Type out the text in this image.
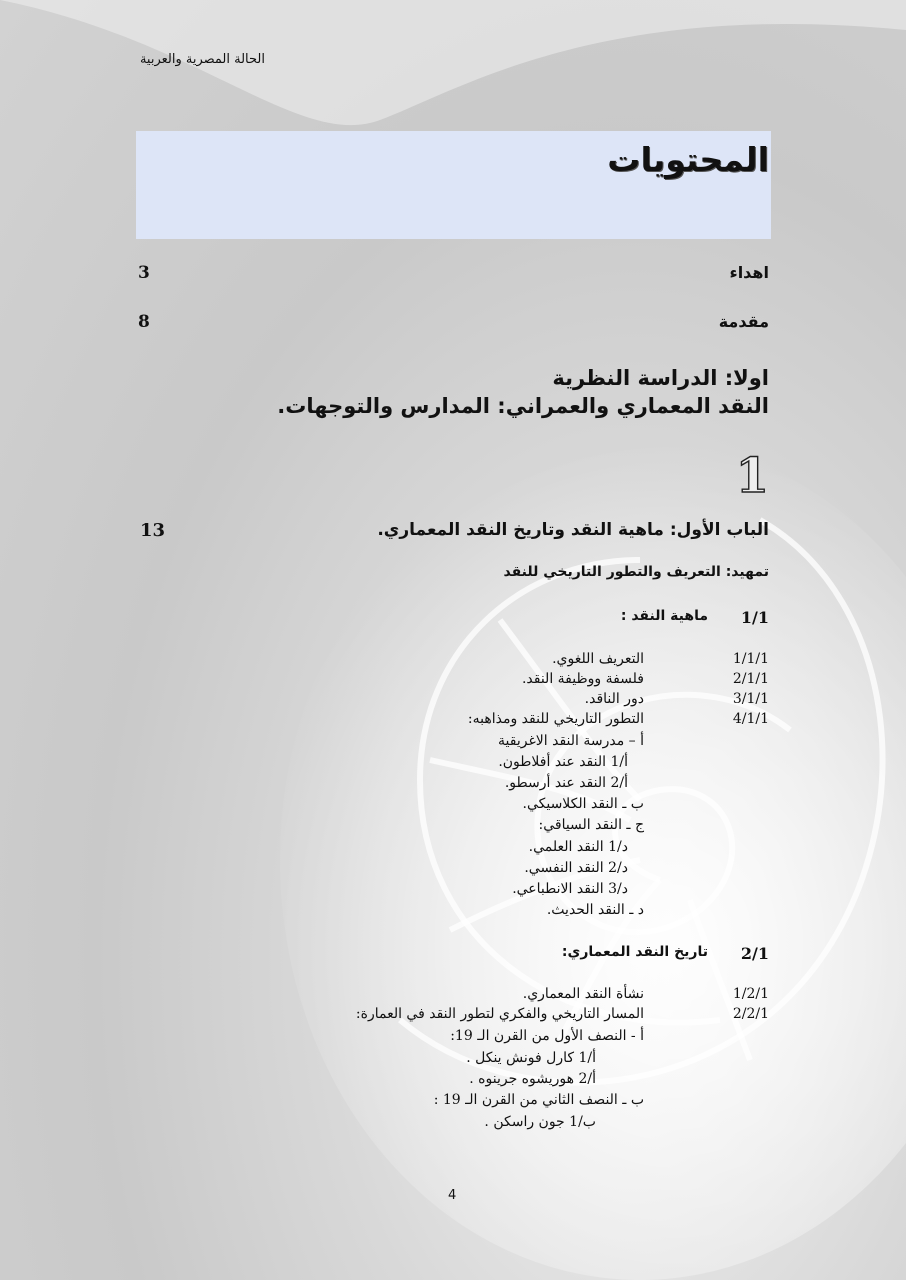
الحالة المصرية والعربية
المحتويات
اهداء
3
مقدمة
8
اولا: الدراسة النظرية
النقد المعماري والعمراني: المدارس والتوجهات.
1
الباب الأول: ماهية النقد وتاريخ النقد المعماري.
13
تمهيد: التعريف والتطور التاريخي للنقد
1/1
ماهية النقد :
1/1/1
التعريف اللغوي.
2/1/1
فلسفة ووظيفة النقد.
3/1/1
دور الناقد.
4/1/1
التطور التاريخي للنقد ومذاهبه:
أ – مدرسة النقد الاغريقية
أ/1 النقد عند أفلاطون.
أ/2 النقد عند أرسطو.
ب ـ النقد الكلاسيكي.
ج ـ النقد السياقي:
د/1 النقد العلمي.
د/2 النقد النفسي.
د/3 النقد الانطباعي.
د ـ النقد الحديث.
2/1
تاريخ النقد المعماري:
1/2/1
نشأة النقد المعماري.
2/2/1
المسار التاريخي والفكري لتطور النقد في العمارة:
أ - النصف الأول من القرن الـ 19:
أ/1 كارل فونش ينكل .
أ/2 هوريشوه جرينوه .
ب ـ النصف الثاني من القرن الـ 19 :
ب/1 جون راسكن .
4
